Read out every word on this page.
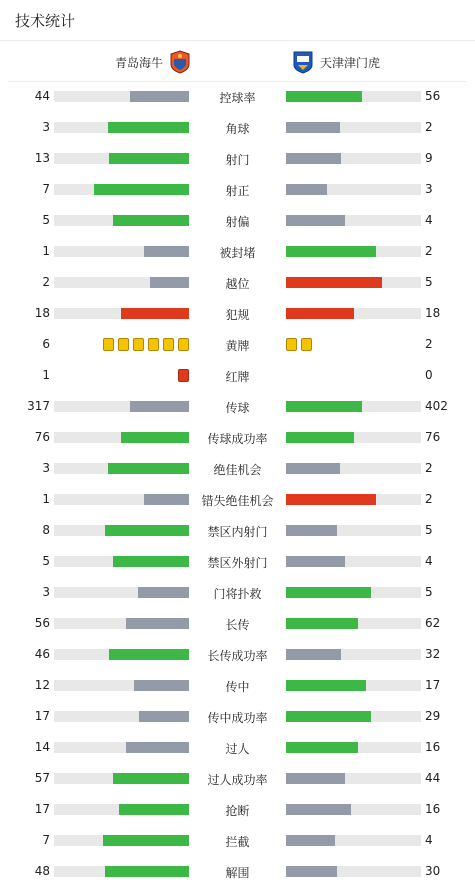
技术统计
青岛海牛	天津津门虎
44	控球率	56
3	角球	2
13	射门	9
7	射正	3
5	射偏	4
1	被封堵	2
2	越位	5
18	犯规	18
6	黄牌	2
1	红牌	0
317	传球	402
76	传球成功率	76
3	绝佳机会	2
1	错失绝佳机会	2
8	禁区内射门	5
5	禁区外射门	4
3	门将扑救	5
56	长传	62
46	长传成功率	32
12	传中	17
17	传中成功率	29
14	过人	16
57	过人成功率	44
17	抢断	16
7	拦截	4
48	解围	30
